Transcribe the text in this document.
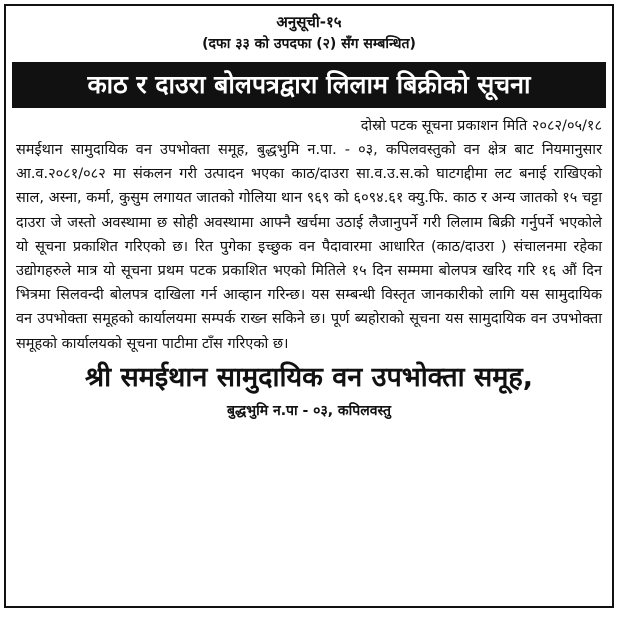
अनुसूची-१५
(दफा ३३ को उपदफा (२) सँग सम्बन्धित)
काठ र दाउरा बोलपत्रद्वारा लिलाम बिक्रीको सूचना
दोस्रो पटक सूचना प्रकाशन मिति २०८२/०५/१८

समईथान सामुदायिक वन उपभोक्ता समूह, बुद्धभुमि न.पा. - ०३, कपिलवस्तुको वन क्षेत्र बाट नियमानुसार आ.व.२०८१/०८२ मा संकलन गरी उत्पादन भएका काठ/दाउरा सा.व.उ.स.को घाटगद्दीमा लट बनाई राखिएको साल, अस्ना, कर्मा, कुसुम लगायत जातको गोलिया थान ९६९ को ६०९४.६१ क्यु.फि. काठ र अन्य जातको १५ चट्टा दाउरा जे जस्तो अवस्थामा छ सोही अवस्थामा आफ्नै खर्चमा उठाई लैजानुपर्ने गरी लिलाम बिक्री गर्नुपर्ने भएकोले यो सूचना प्रकाशित गरिएको छ। रित पुगेका इच्छुक वन पैदावारमा आधारित (काठ/दाउरा ) संचालनमा रहेका उद्योगहरुले मात्र यो सूचना प्रथम पटक प्रकाशित भएको मितिले १५ दिन सम्ममा बोलपत्र खरिद गरि १६ औं दिन भित्रमा सिलवन्दी बोलपत्र दाखिला गर्न आव्हान गरिन्छ। यस सम्बन्धी विस्तृत जानकारीको लागि यस सामुदायिक वन उपभोक्ता समूहको कार्यालयमा सम्पर्क राख्न सकिने छ। पूर्ण ब्यहोराको सूचना यस सामुदायिक वन उपभोक्ता समूहको कार्यालयको सूचना पाटीमा टाँस गरिएको छ।

श्री समईथान सामुदायिक वन उपभोक्ता समूह,
बुद्धभुमि न.पा - ०३, कपिलवस्तु
